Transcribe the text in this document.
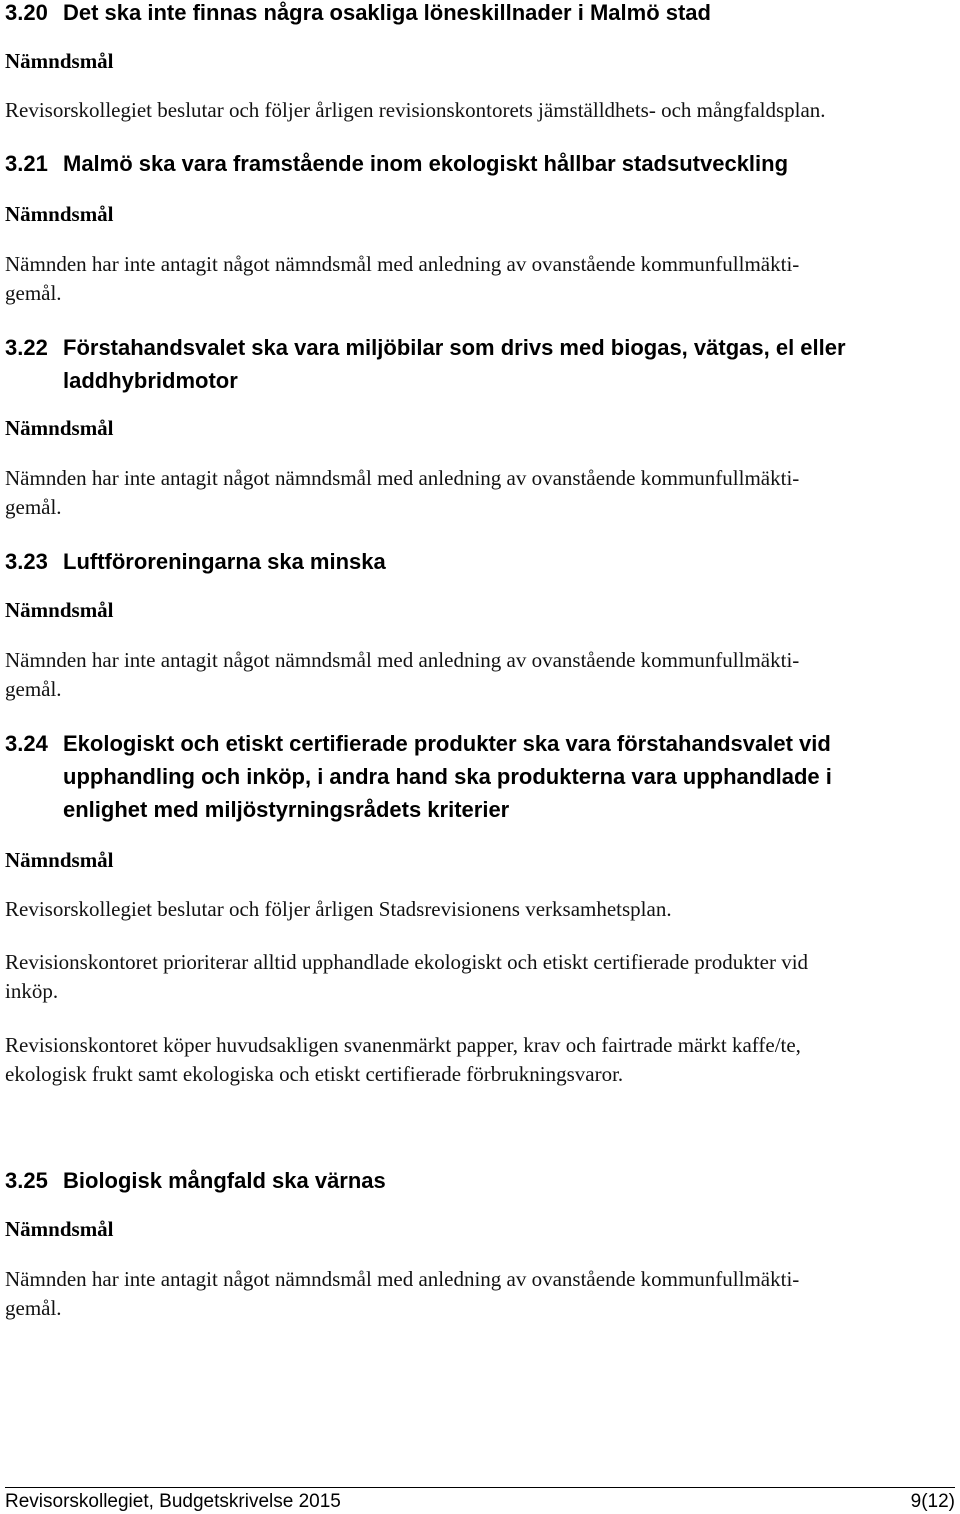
3.20 Det ska inte finnas några osakliga löneskillnader i Malmö stad
Nämndsmål

Revisorskollegiet beslutar och följer årligen revisionskontorets jämställdhets- och mångfaldsplan.

3.21 Malmö ska vara framstående inom ekologiskt hållbar stadsutveckling
Nämndsmål

Nämnden har inte antagit något nämndsmål med anledning av ovanstående kommunfullmäkti-

gemål.

3.22 Förstahandsvalet ska vara miljöbilar som drivs med biogas, vätgas, el eller
laddhybridmotor
Nämndsmål

Nämnden har inte antagit något nämndsmål med anledning av ovanstående kommunfullmäkti-

gemål.

3.23 Luftföroreningarna ska minska
Nämndsmål

Nämnden har inte antagit något nämndsmål med anledning av ovanstående kommunfullmäkti-

gemål.

3.24 Ekologiskt och etiskt certifierade produkter ska vara förstahandsvalet vid
upphandling och inköp, i andra hand ska produkterna vara upphandlade i
enlighet med miljöstyrningsrådets kriterier
Nämndsmål

Revisorskollegiet beslutar och följer årligen Stadsrevisionens verksamhetsplan.

Revisionskontoret prioriterar alltid upphandlade ekologiskt och etiskt certifierade produkter vid

inköp.

Revisionskontoret köper huvudsakligen svanenmärkt papper, krav och fairtrade märkt kaffe/te,

ekologisk frukt samt ekologiska och etiskt certifierade förbrukningsvaror.

3.25 Biologisk mångfald ska värnas
Nämndsmål

Nämnden har inte antagit något nämndsmål med anledning av ovanstående kommunfullmäkti-

gemål.

Revisorskollegiet, Budgetskrivelse 2015	9(12)
